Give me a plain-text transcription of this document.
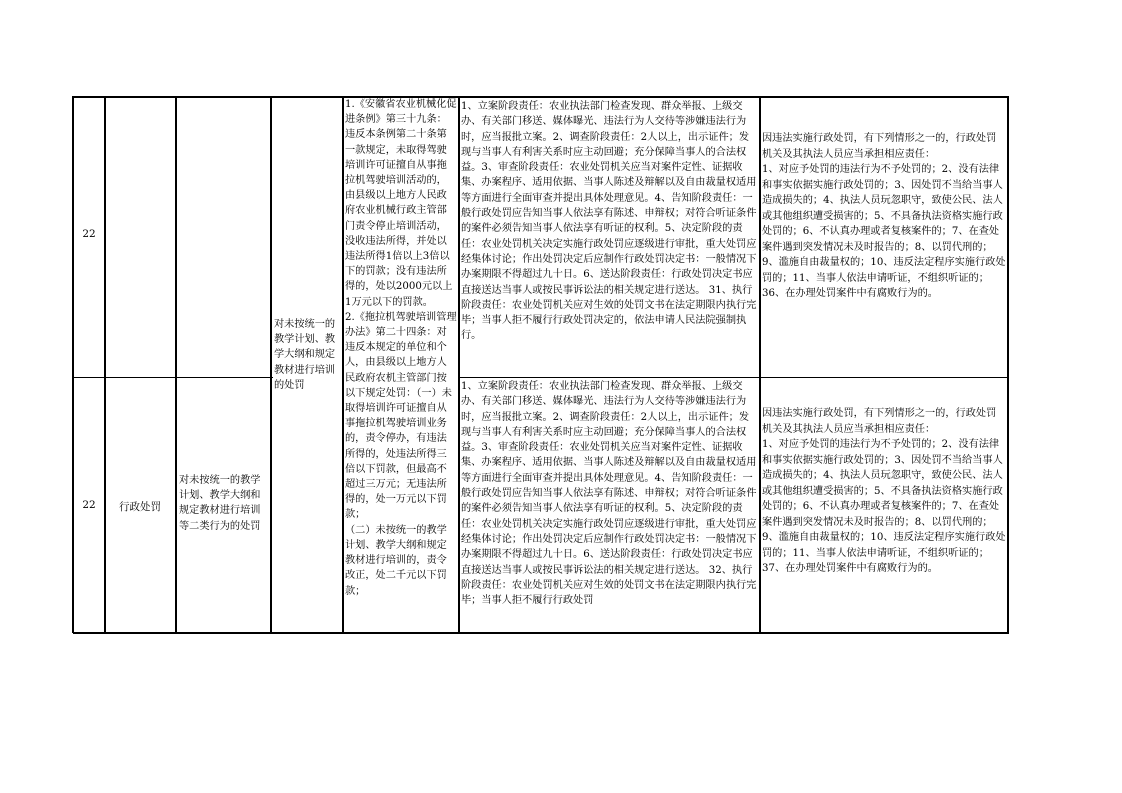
22
1、立案阶段责任：农业执法部门检查发现、群众举报、上级交办、有关部门移送、媒体曝光、违法行为人交待等涉嫌违法行为时，应当报批立案。2、调查阶段责任：2人以上，出示证件；发现与当事人有利害关系时应主动回避；充分保障当事人的合法权益。3、审查阶段责任：农业处罚机关应当对案件定性、证据收集、办案程序、适用依据、当事人陈述及辩解以及自由裁量权适用等方面进行全面审查并提出具体处理意见。4、告知阶段责任：一般行政处罚应告知当事人依法享有陈述、申辩权；对符合听证条件的案件必须告知当事人依法享有听证的权利。5、决定阶段的责任：农业处罚机关决定实施行政处罚应逐级进行审批，重大处罚应经集体讨论；作出处罚决定后应制作行政处罚决定书：一般情况下办案期限不得超过九十日。6、送达阶段责任：行政处罚决定书应直接送达当事人或按民事诉讼法的相关规定进行送达。 31、执行阶段责任：农业处罚机关应对生效的处罚文书在法定期限内执行完毕；当事人拒不履行行政处罚决定的，依法申请人民法院强制执行。
因违法实施行政处罚，有下列情形之一的，行政处罚机关及其执法人员应当承担相应责任：
1、对应予处罚的违法行为不予处罚的；2、没有法律和事实依据实施行政处罚的；3、因处罚不当给当事人造成损失的；4、执法人员玩忽职守，致使公民、法人或其他组织遭受损害的；5、不具备执法资格实施行政处罚的；6、不认真办理或者复核案件的；7、在查处案件遇到突发情况未及时报告的；8、以罚代刑的；9、滥施自由裁量权的；10、违反法定程序实施行政处罚的；11、当事人依法申请听证，不组织听证的；36、在办理处罚案件中有腐败行为的。
对未按统一的教学计划、教学大纲和规定教材进行培训的处罚
1.《安徽省农业机械化促进条例》第三十九条：违反本条例第二十条第一款规定，未取得驾驶培训许可证擅自从事拖拉机驾驶培训活动的，由县级以上地方人民政府农业机械行政主管部门责令停止培训活动，没收违法所得，并处以违法所得1倍以上3倍以下的罚款；没有违法所得的，处以2000元以上1万元以下的罚款。
2.《拖拉机驾驶培训管理办法》第二十四条：对违反本规定的单位和个人，由县级以上地方人民政府农机主管部门按以下规定处罚：（一）未取得培训许可证擅自从事拖拉机驾驶培训业务的，责令停办，有违法所得的，处违法所得三倍以下罚款，但最高不超过三万元；无违法所得的，处一万元以下罚款；
（二）未按统一的教学计划、教学大纲和规定教材进行培训的，责令改正，处二千元以下罚款；
22	行政处罚
对未按统一的教学计划、教学大纲和规定教材进行培训等二类行为的处罚
1、立案阶段责任：农业执法部门检查发现、群众举报、上级交办、有关部门移送、媒体曝光、违法行为人交待等涉嫌违法行为时，应当报批立案。2、调查阶段责任：2人以上，出示证件；发现与当事人有利害关系时应主动回避；充分保障当事人的合法权益。3、审查阶段责任：农业处罚机关应当对案件定性、证据收集、办案程序、适用依据、当事人陈述及辩解以及自由裁量权适用等方面进行全面审查并提出具体处理意见。4、告知阶段责任：一般行政处罚应告知当事人依法享有陈述、申辩权；对符合听证条件的案件必须告知当事人依法享有听证的权利。5、决定阶段的责任：农业处罚机关决定实施行政处罚应逐级进行审批，重大处罚应经集体讨论；作出处罚决定后应制作行政处罚决定书：一般情况下办案期限不得超过九十日。6、送达阶段责任：行政处罚决定书应直接送达当事人或按民事诉讼法的相关规定进行送达。 32、执行阶段责任：农业处罚机关应对生效的处罚文书在法定期限内执行完毕；当事人拒不履行行政处罚
因违法实施行政处罚，有下列情形之一的，行政处罚机关及其执法人员应当承担相应责任：
1、对应予处罚的违法行为不予处罚的；2、没有法律和事实依据实施行政处罚的；3、因处罚不当给当事人造成损失的；4、执法人员玩忽职守，致使公民、法人或其他组织遭受损害的；5、不具备执法资格实施行政处罚的；6、不认真办理或者复核案件的；7、在查处案件遇到突发情况未及时报告的；8、以罚代刑的；9、滥施自由裁量权的；10、违反法定程序实施行政处罚的；11、当事人依法申请听证，不组织听证的；37、在办理处罚案件中有腐败行为的。
